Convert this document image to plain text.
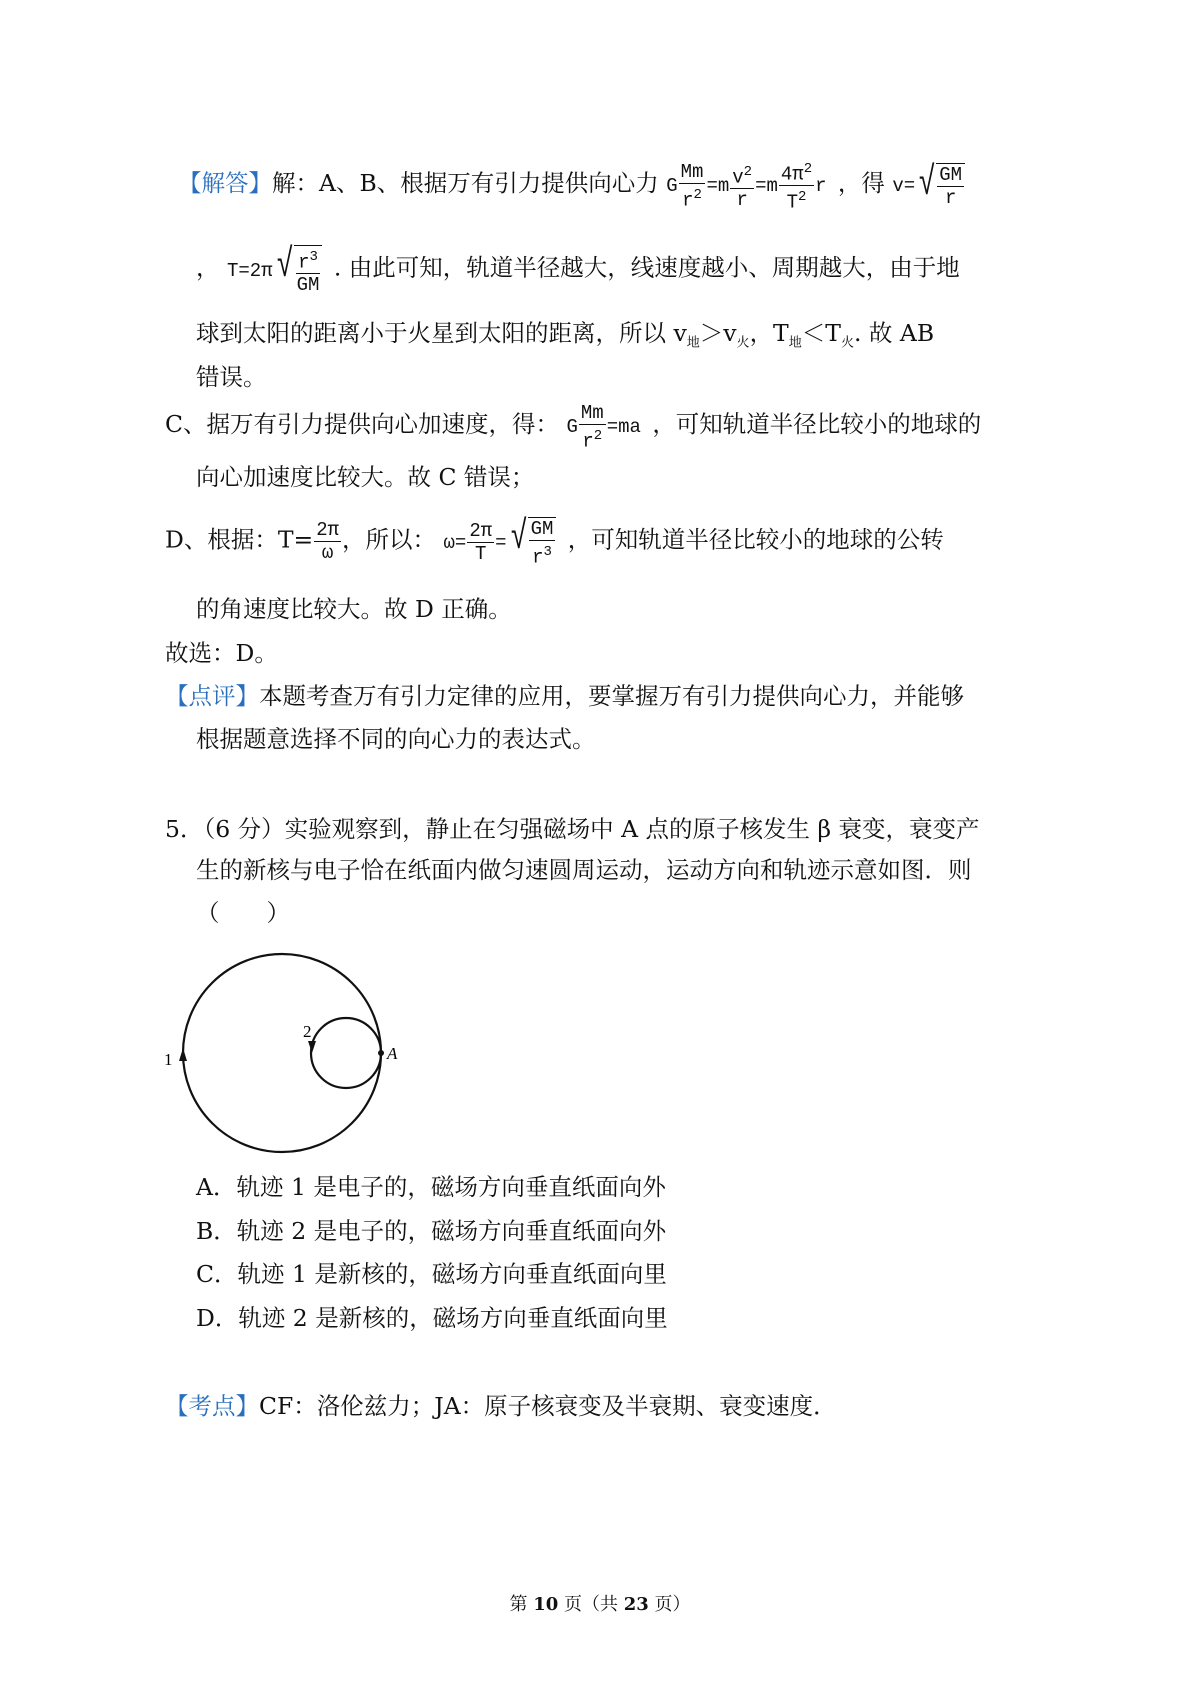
【解答】解：A、B、根据万有引力提供向心力 G $\frac{Mm}{r^2} =m \frac{v^2}{r} =m \frac{4\pi^2}{T^2}$ r ，得 v= √ $\frac{GM}{r}$
， T=2π √ $\frac{r^3}{GM}$ . 由此可知，轨道半径越大，线速度越小、周期越大，由于地
球到太阳的距离小于火星到太阳的距离，所以 $v_地>v_火$，$T_地<T_火$. 故 AB
错误。
C、据万有引力提供向心加速度，得： G $\frac{Mm}{r^2} =ma$ ，可知轨道半径比较小的地球的
向心加速度比较大。故 C 错误；
D、根据：$T= \frac{2\pi}{\omega}$ ，所以： $\omega= \frac{2\pi}{T}$ = √ $\frac{GM}{r^3}$ ，可知轨道半径比较小的地球的公转
的角速度比较大。故 D 正确。
故选：D。
【点评】本题考查万有引力定律的应用，要掌握万有引力提供向心力，并能够
根据题意选择不同的向心力的表达式。
5．（6 分）实验观察到，静止在匀强磁场中 A 点的原子核发生 β 衰变，衰变产
生的新核与电子恰在纸面内做匀速圆周运动，运动方向和轨迹示意如图．则
（　　）
1
2
A
A．轨迹 1 是电子的，磁场方向垂直纸面向外
B．轨迹 2 是电子的，磁场方向垂直纸面向外
C．轨迹 1 是新核的，磁场方向垂直纸面向里
D．轨迹 2 是新核的，磁场方向垂直纸面向里
【考点】CF：洛伦兹力；JA：原子核衰变及半衰期、衰变速度．
第 10 页（共 23 页）
